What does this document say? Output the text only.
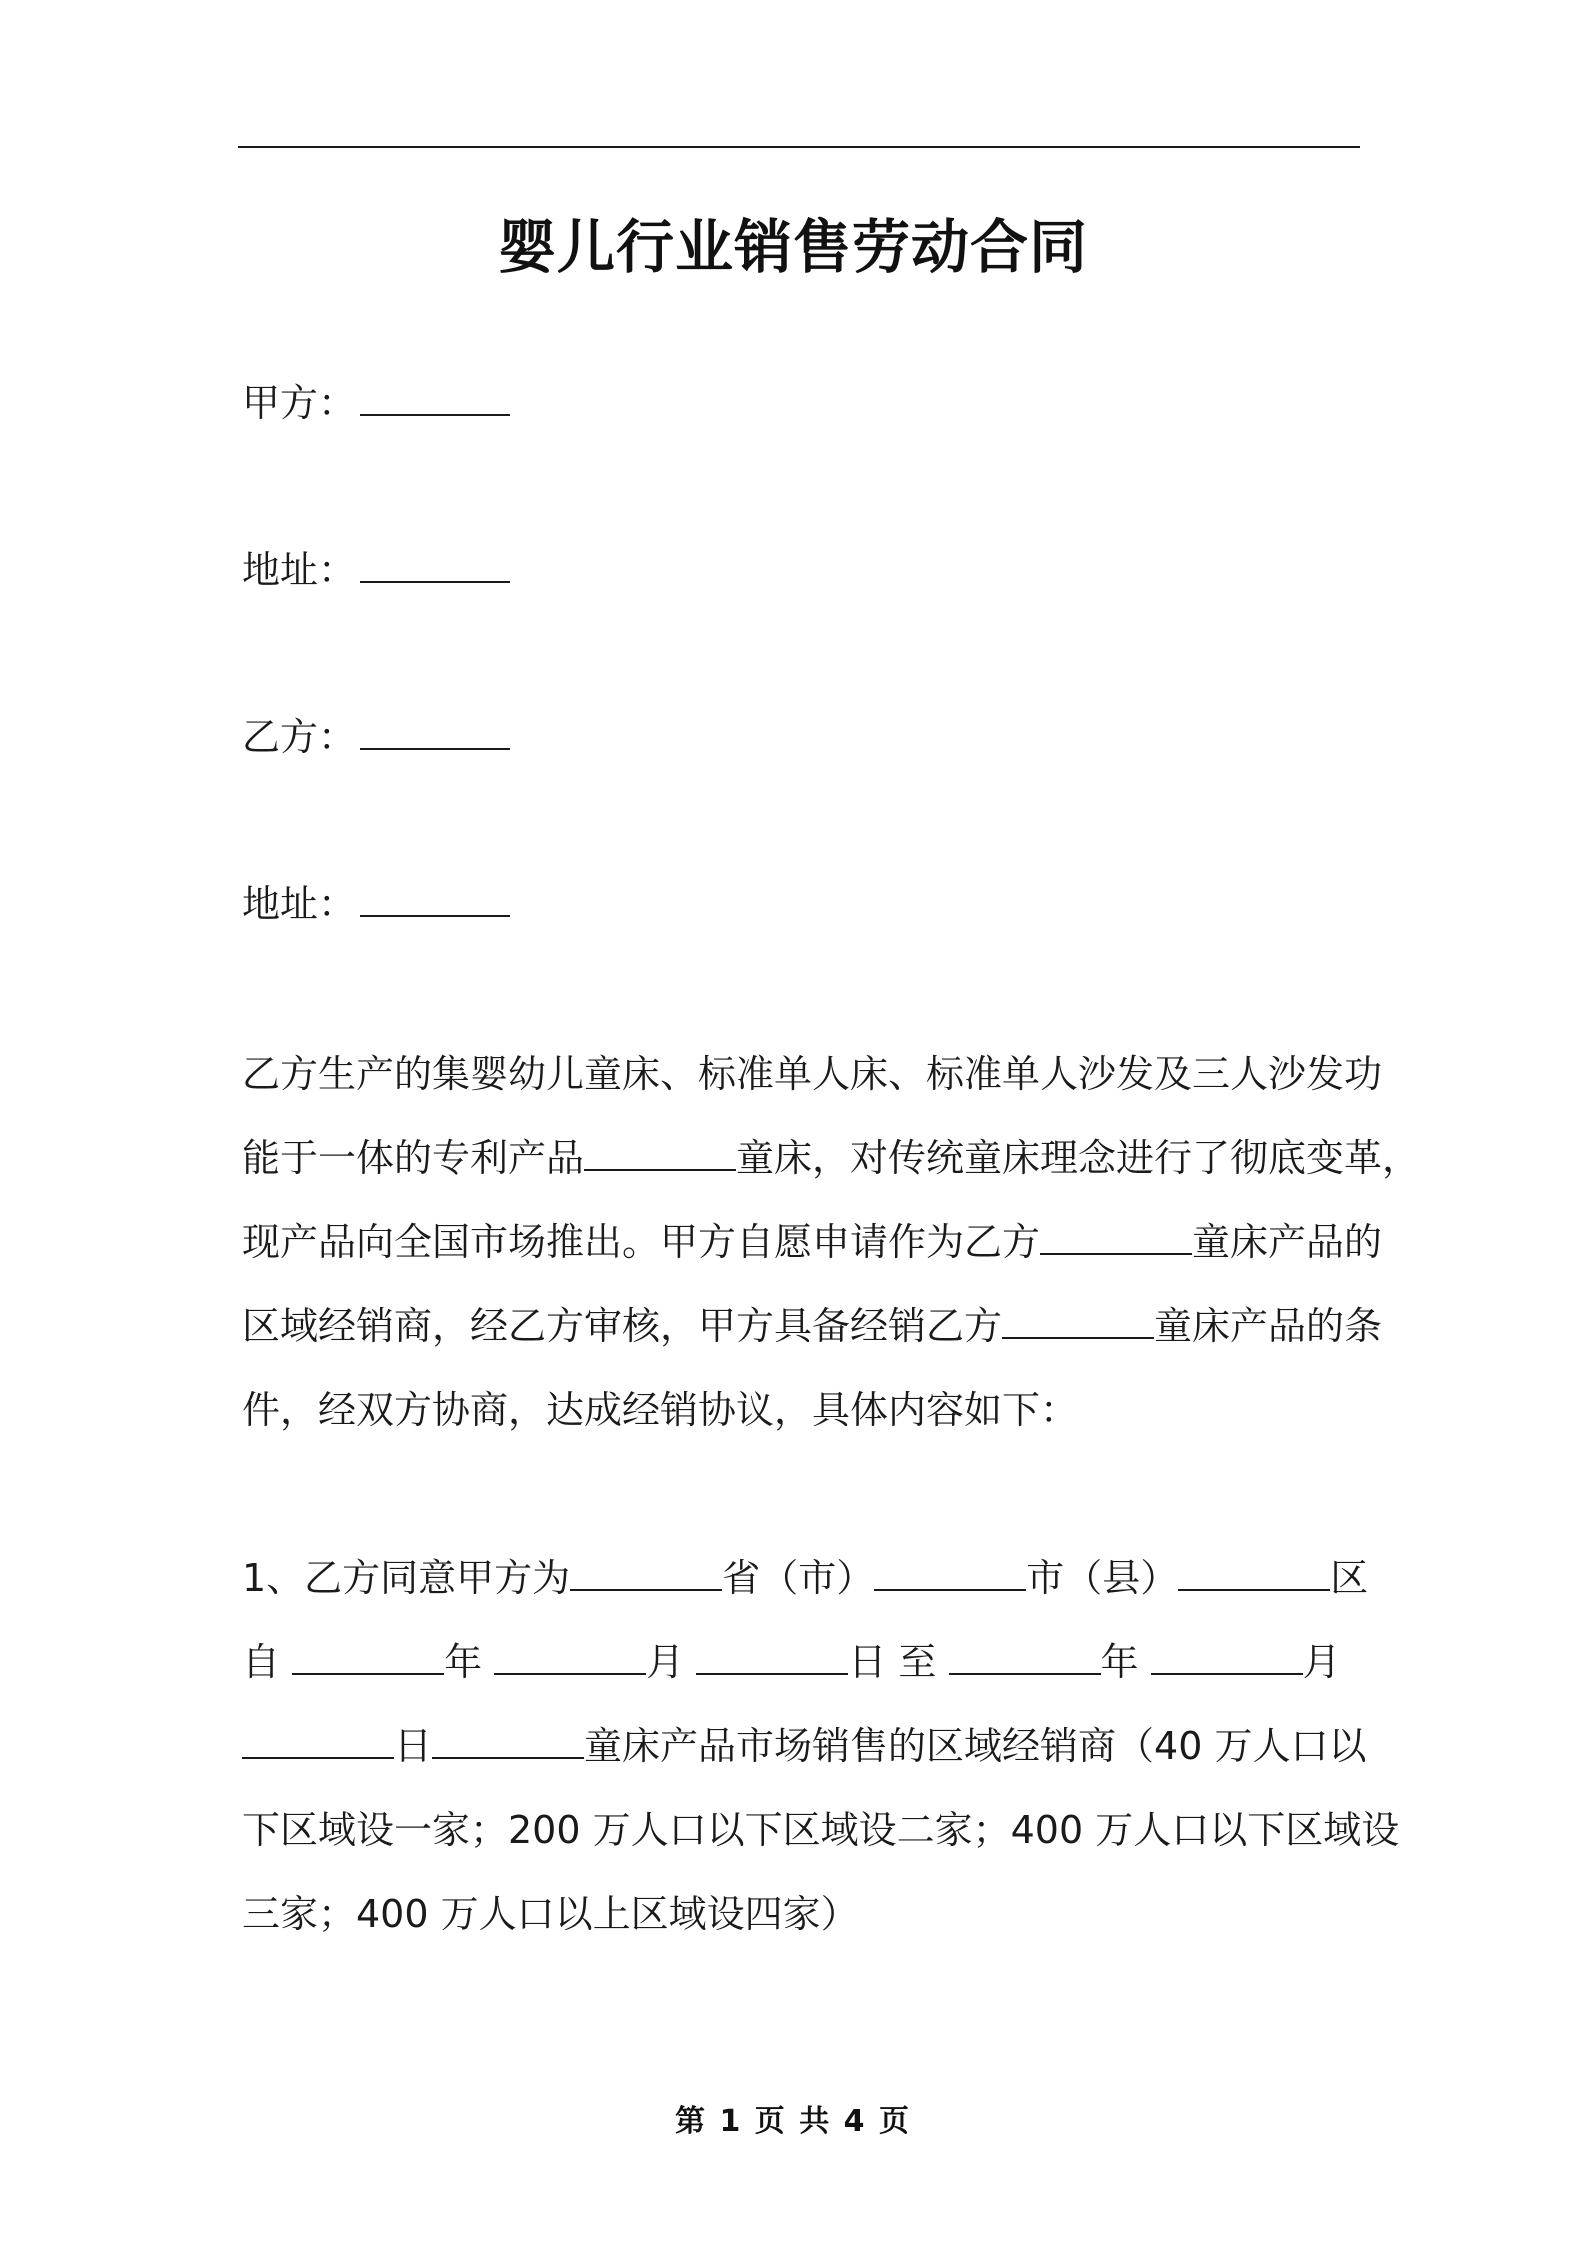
婴儿行业销售劳动合同
甲方：
地址：
乙方：
地址：
乙方生产的集婴幼儿童床、标准单人床、标准单人沙发及三人沙发功
能于一体的专利产品	童床，对传统童床理念进行了彻底变革，
现产品向全国市场推出。甲方自愿申请作为乙方	童床产品的
区域经销商，经乙方审核，甲方具备经销乙方	童床产品的条
件，经双方协商，达成经销协议，具体内容如下：
1、乙方同意甲方为	省（市）	市（县）	区
自	年	月	日 至	年	月
日	童床产品市场销售的区域经销商（40 万人口以
下区域设一家；200 万人口以下区域设二家；400 万人口以下区域设
三家；400 万人口以上区域设四家）
第 1 页 共 4 页
